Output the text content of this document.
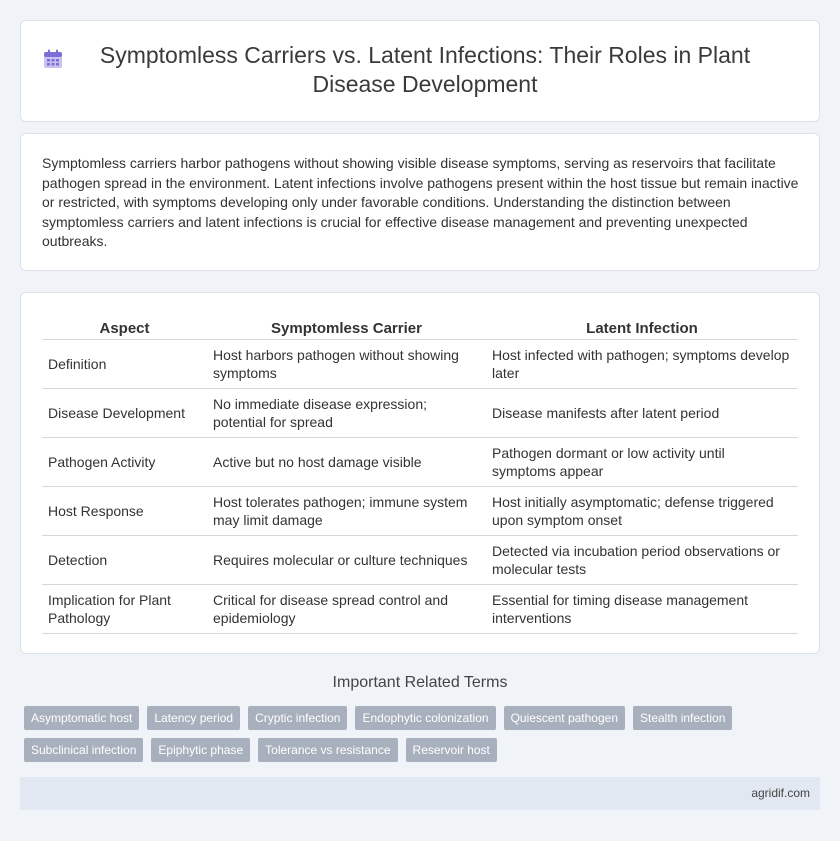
Symptomless Carriers vs. Latent Infections: Their Roles in Plant Disease Development

Symptomless carriers harbor pathogens without showing visible disease symptoms, serving as reservoirs that facilitate pathogen spread in the environment. Latent infections involve pathogens present within the host tissue but remain inactive or restricted, with symptoms developing only under favorable conditions. Understanding the distinction between symptomless carriers and latent infections is crucial for effective disease management and preventing unexpected outbreaks.

Aspect	Symptomless Carrier	Latent Infection
Definition	Host harbors pathogen without showing symptoms	Host infected with pathogen; symptoms develop later
Disease Development	No immediate disease expression; potential for spread	Disease manifests after latent period
Pathogen Activity	Active but no host damage visible	Pathogen dormant or low activity until symptoms appear
Host Response	Host tolerates pathogen; immune system may limit damage	Host initially asymptomatic; defense triggered upon symptom onset
Detection	Requires molecular or culture techniques	Detected via incubation period observations or molecular tests
Implication for Plant Pathology	Critical for disease spread control and epidemiology	Essential for timing disease management interventions
Important Related Terms
Asymptomatic host	Latency period	Cryptic infection	Endophytic colonization	Quiescent pathogen	Stealth infection
Subclinical infection	Epiphytic phase	Tolerance vs resistance	Reservoir host
agridif.com
